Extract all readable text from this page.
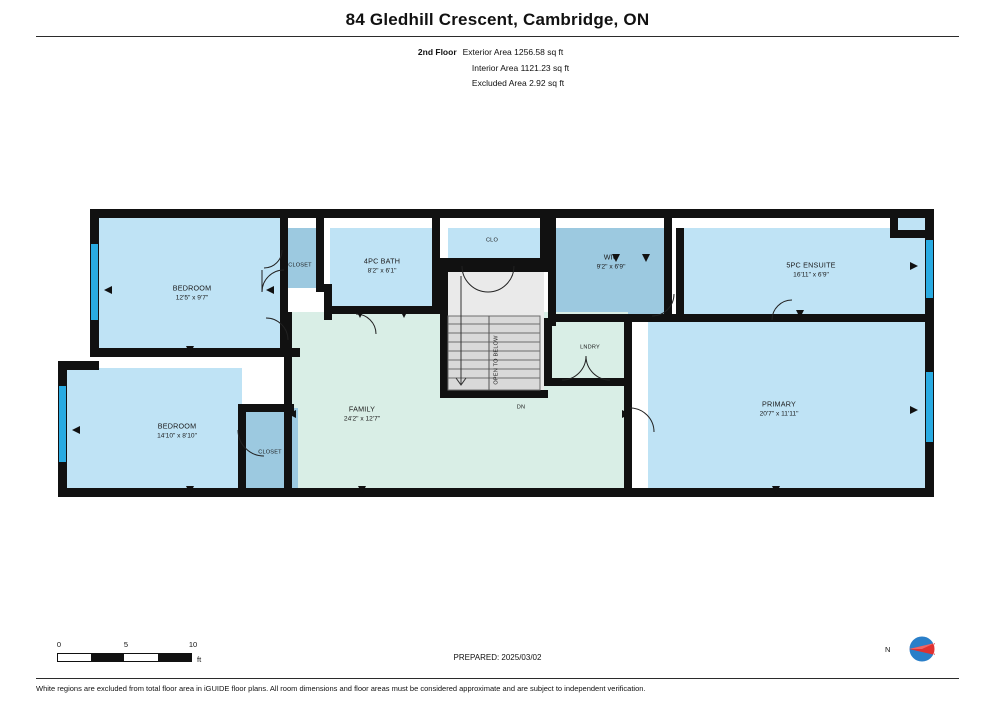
84 Gledhill Crescent, Cambridge, ON
2nd Floor Exterior Area 1256.58 sq ft
Interior Area 1121.23 sq ft
Excluded Area 2.92 sq ft
BEDROOM
12'5" x 9'7"
CLOSET	4PC BATH
8'2" x 6'1"
CLO
WIC
9'2" x 6'9"	5PC ENSUITE
16'11" x 6'9"
LNDRY
OPEN TO BELOW
DN
FAMILY
24'2" x 12'7"
BEDROOM
14'10" x 8'10"
CLOSET
PRIMARY
20'7" x 11'11"
0	5	10
ft	PREPARED: 2025/03/02
N
White regions are excluded from total floor area in iGUIDE floor plans. All room dimensions and floor areas must be considered approximate and are subject to independent verification.
